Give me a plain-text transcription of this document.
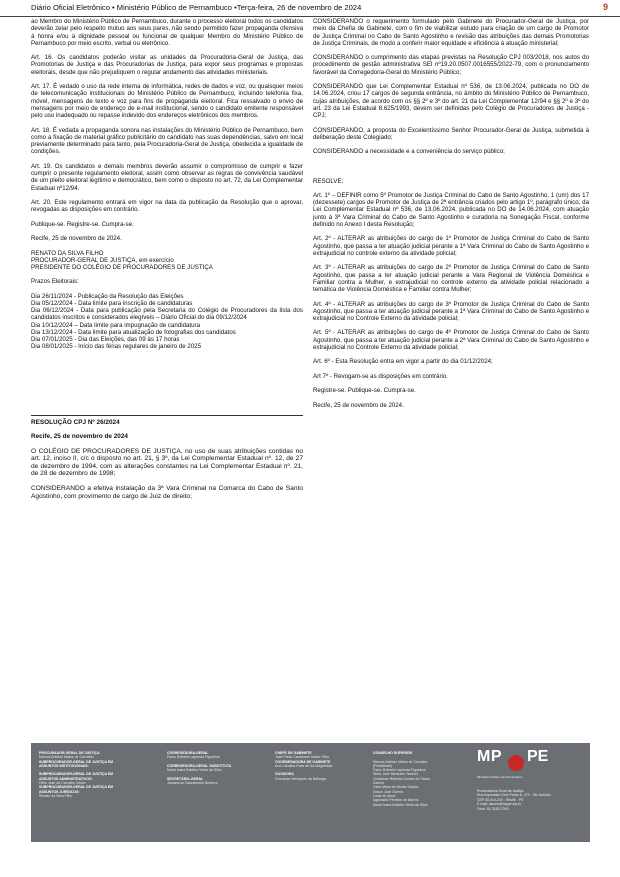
Diário Oficial Eletrônico • Ministério Público de Pernambuco •Terça-feira, 26 de novembro de 2024	9

ao Membro do Ministério Público de Pernambuco, durante o processo eleitoral todos os candidatos deverão zelar pelo respeito mútuo aos seus pares, não sendo permitido fazer propaganda ofensiva à honra e/ou à dignidade pessoal ou funcional de qualquer Membro do Ministério Público de Pernambuco por meio escrito, verbal ou eletrônico.

Art. 16. Os candidatos poderão visitar as unidades da Procuradoria-Geral de Justiça, das Promotorias de Justiça e das Procuradorias de Justiça, para expor seus programas e propostas eleitorais, desde que não prejudiquem o regular andamento das atividades ministeriais.

Art. 17. É vedado o uso da rede interna de informática, redes de dados e voz, ou quaisquer meios de telecomunicação institucionais do Ministério Público de Pernambuco, incluindo telefonia fixa, móvel, mensagens de texto e voz para fins de propaganda eleitoral. Fica ressalvado o envio de mensagens por meio de endereço de e-mail institucional, sendo o candidato emitente responsável pelo uso inadequado ou repasse indevido dos endereços eletrônicos dos membros.

Art. 18. É vedada a propaganda sonora nas instalações do Ministério Público de Pernambuco, bem como a fixação de material gráfico publicitário do candidato nas suas dependências, salvo em local previamente determinado para tanto, pela Procuradoria-Geral de Justiça, obedecida a igualdade de condições.

Art. 19. Os candidatos e demais membros deverão assumir o compromisso de cumprir e fazer cumprir o presente regulamento eleitoral, assim como observar as regras de convivência saudável de um pleito eleitoral legítimo e democrático, bem como o disposto no art. 72, da Lei Complementar Estadual nº12/94.

Art. 20. Este regulamento entrará em vigor na data da publicação da Resolução que o aprovar, revogadas as disposições em contrário.

Publique-se. Registre-se. Cumpra-se.

Recife, 25 de novembro de 2024.

RENATO DA SILVA FILHO

PROCURADOR-GERAL DE JUSTIÇA, em exercício

PRESIDENTE DO COLÉGIO DE PROCURADORES DE JUSTIÇA

Prazos Eleitorais:

Dia 26/11/2024 - Publicação da Resolução das Eleições

Dia 05/12/2024 - Data limite para inscrição de candidaturas

Dia 06/12/2024 - Data para publicação pela Secretaria do Colégio de Procuradores da lista dos candidatos inscritos e considerados elegíveis – Diário Oficial do dia 09/12/2024

Dia 10/12/2024 – Data limite para impugnação de candidatura

Dia 13/12/2024 - Data limite para atualização de fotografias dos candidatos

Dia 07/01/2025 - Dia das Eleições, das 09 às 17 horas

Dia 08/01/2025 - Início das férias regulares de janeiro de 2025

RESOLUÇÃO CPJ Nº 26/2024

Recife, 25 de novembro de 2024

O COLÉGIO DE PROCURADORES DE JUSTIÇA, no uso de suas atribuições contidas no art. 12, inciso II, c/c o disposto no art. 21, § 3º, da Lei Complementar Estadual nº. 12, de 27 de dezembro de 1994, com as alterações constantes na Lei Complementar Estadual nº. 21, de 28 de dezembro de 1998;

CONSIDERANDO a efetiva instalação da 3ª Vara Criminal na Comarca do Cabo de Santo Agostinho, com provimento de cargo de Juiz de direito;

CONSIDERANDO o requerimento formulado pelo Gabinete do Procurador-Geral de Justiça, por meio da Chefia de Gabinete, com o fim de viabilizar estudo para criação de um cargo de Promotor de Justiça Criminal no Cabo de Santo Agostinho e revisão das atribuições das demais Promotorias de Justiça Criminais, de modo a conferir maior equidade e eficiência à atuação ministerial;

CONSIDERANDO o cumprimento das etapas previstas na Resolução CPJ 003/2018, nos autos do procedimento de gestão administrativa SEI nº19.20.0507.0016555/2022-79, com o pronunciamento favorável da Corregedoria-Geral do Ministério Público;

CONSIDERANDO que Lei Complementar Estadual nº 536, de 13.06.2024, publicada no DO de 14.06.2024, criou 17 cargos de segunda entrância, no âmbito do Ministério Público de Pernambuco, cujas atribuições, de acordo com os §§ 2º e 3º do art. 21 da Lei Complementar 12/94 e §§ 2º e 3º do art. 23 da Lei Estadual 8.625/1993, devem ser definidas pelo Colégio de Procuradores de Justiça - CPJ;

CONSIDERANDO, a proposta do Excelentíssimo Senhor Procurador-Geral de Justiça, submetida à deliberação deste Colegiado;

CONSIDERANDO a necessidade e a conveniência do serviço público;

RESOLVE:

Art. 1º – DEFINIR como 5º Promotor de Justiça Criminal do Cabo de Santo Agostinho, 1 (um) dos 17 (dezessete) cargos de Promotor de Justiça de 2ª entrância criados pelo artigo 1º, parágrafo único, da Lei Complementar Estadual nº 536, de 13.06.2024, publicada no DO de 14.06.2024, com atuação junto à 3ª Vara Criminal do Cabo de Santo Agostinho e curadoria na Sonegação Fiscal, conforme definido no Anexo I desta Resolução;

Art. 2º - ALTERAR as atribuições do cargo de 1º Promotor de Justiça Criminal do Cabo de Santo Agostinho, que passa a ter atuação judicial perante a 1ª Vara Criminal do Cabo de Santo Agostinho e extrajudicial no controle externo da atividade policial;

Art. 3º - ALTERAR as atribuições do cargo de 2º Promotor de Justiça Criminal do Cabo de Santo Agostinho, que passa a ter atuação judicial perante a Vara Regional de Violência Doméstica e Familiar contra a Mulher, e extrajudicial no controle externo da atividade policial relacionado a temática de Violência Doméstica e Familiar contra Mulher;

Art. 4º - ALTERAR as atribuições do cargo de 3º Promotor de Justiça Criminal do Cabo de Santo Agostinho, que passa a ter atuação judicial perante a 1ª Vara Criminal do Cabo de Santo Agostinho e extrajudicial no Controle Externo da atividade policial;

Art. 5º - ALTERAR as atribuições do cargo de 4º Promotor de Justiça Criminal do Cabo de Santo Agostinho, que passa a ter atuação judicial perante a 2ª Vara Criminal do Cabo de Santo Agostinho e extrajudicial no Controle Externo da atividade policial;

Art. 6º - Esta Resolução entra em vigor a partir do dia 01/12/2024;

Art 7º - Revogam-se as disposições em contrário.

Registre-se. Publique-se. Cumpra-se.

Recife, 25 de novembro de 2024.

PROCURADOR-GERAL DE JUSTIÇA
Marcos Antônio Matos de Carvalho
SUBPROCURADOR-GERAL DE JUSTIÇA EM
ASSUNTOS INSTITUCIONAIS:

SUBPROCURADOR-GERAL DE JUSTIÇA EM
ASSUNTOS ADMINISTRATIVOS:
Hélio José de Carvalho Xavier
SUBPROCURADOR-GERAL DE JUSTIÇA EM
ASSUNTOS JURÍDICOS:
Renato da Silva Filho
CORREGEDORA-GERAL
Paulo Roberto Lapenda Figueiroa

CORREGEDORA-GERAL SUBSTITUTA
Maria Ivana Botelho Vieira da Silva

SECRETÁRIA-GERAL
Janaína do Sacramento Bezerra
CHEFE DE GABINETE
José Paulo Cavalcanti Xavier Filho
COORDENADORA DE GABINETE
Ana Carolina Paes de Sá Magalhães

OUVIDORA
Fernanda Henriques da Nóbrega
CONSELHO SUPERIOR

Marcos Antônio Matos de Carvalho
(Presidente)
Paulo Roberto Lapenda Figueiroa
Silvio José Menezes Tavares
Christiane Roberta Gomes de Farias
Santos
Giani Maria do Monte Santos
Edson José Guerra
Lúcia de Assis
Aguinaldo Fenelon de Barros
Maria Ivana Botelho Vieira da Silva
MP PE
Ministério Público de Pernambuco
Procuradoria-Geral de Justiça
Rua Imperador Dom Pedro II, 473 - Sto Antônio
CEP 50.010-240 - Recife - PE
E-mail: ascom@mppe.mp.br
Fone: 81 3182-7000
